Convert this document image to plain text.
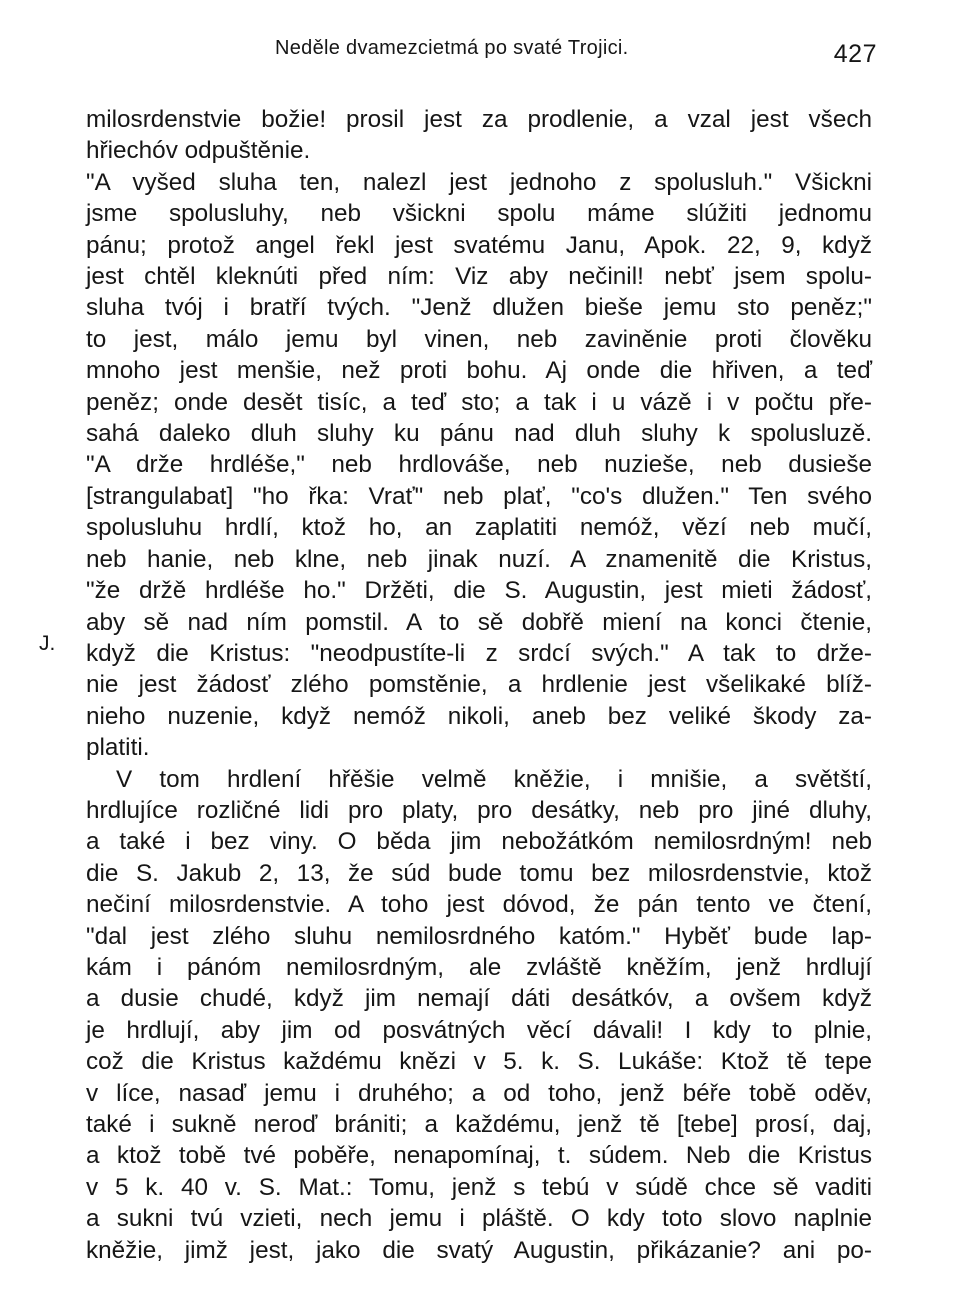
Neděle dvamezcietmá po svaté Trojici.	427
J.
milosrdenstvie božie! prosil jest za prodlenie, a vzal jest všech
hřiechóv odpuštěnie.
"A vyšed sluha ten, nalezl jest jednoho z spolusluh." Všickni
jsme spolusluhy, neb všickni spolu máme slúžiti jednomu
pánu; protož angel řekl jest svatému Janu, Apok. 22, 9, když
jest chtěl kleknúti před ním: Viz aby nečinil! nebť jsem spolu-
sluha tvój i bratří tvých. "Jenž dlužen bieše jemu sto peněz;"
to jest, málo jemu byl vinen, neb zaviněnie proti člověku
mnoho jest menšie, než proti bohu. Aj onde die hřiven, a teď
peněz; onde desět tisíc, a teď sto; a tak i u vázě i v počtu pře-
sahá daleko dluh sluhy ku pánu nad dluh sluhy k spolusluzě.
"A drže hrdléše," neb hrdlováše, neb nuzieše, neb dusieše
[strangulabat] "ho řka: Vrať" neb plať, "co's dlužen." Ten svého
spolusluhu hrdlí, ktož ho, an zaplatiti nemóž, vězí neb mučí,
neb hanie, neb klne, neb jinak nuzí. A znamenitě die Kristus,
"že držě hrdléše ho." Držěti, die S. Augustin, jest mieti žádosť,
aby sě nad ním pomstil. A to sě dobřě miení na konci čtenie,
když die Kristus: "neodpustíte-li z srdcí svých." A tak to drže-
nie jest žádosť zlého pomstěnie, a hrdlenie jest všelikaké blíž-
nieho nuzenie, když nemóž nikoli, aneb bez veliké škody za-
platiti.
V tom hrdlení hřěšie velmě kněžie, i mnišie, a světští,
hrdlujíce rozličné lidi pro platy, pro desátky, neb pro jiné dluhy,
a také i bez viny. O běda jim nebožátkóm nemilosrdným! neb
die S. Jakub 2, 13, že súd bude tomu bez milosrdenstvie, ktož
nečiní milosrdenstvie. A toho jest dóvod, že pán tento ve čtení,
"dal jest zlého sluhu nemilosrdného katóm." Hyběť bude lap-
kám i pánóm nemilosrdným, ale zvláště kněžím, jenž hrdlují
a dusie chudé, když jim nemají dáti desátkóv, a ovšem když
je hrdlují, aby jim od posvátných věcí dávali! I kdy to plnie,
což die Kristus každému knězi v 5. k. S. Lukáše: Ktož tě tepe
v líce, nasaď jemu i druhého; a od toho, jenž béře tobě oděv,
také i sukně neroď brániti; a každému, jenž tě [tebe] prosí, daj,
a ktož tobě tvé poběře, nenapomínaj, t. súdem. Neb die Kristus
v 5 k. 40 v. S. Mat.: Tomu, jenž s tebú v súdě chce sě vaditi
a sukni tvú vzieti, nech jemu i pláště. O kdy toto slovo naplnie
kněžie, jimž jest, jako die svatý Augustin, přikázanie? ani po-
